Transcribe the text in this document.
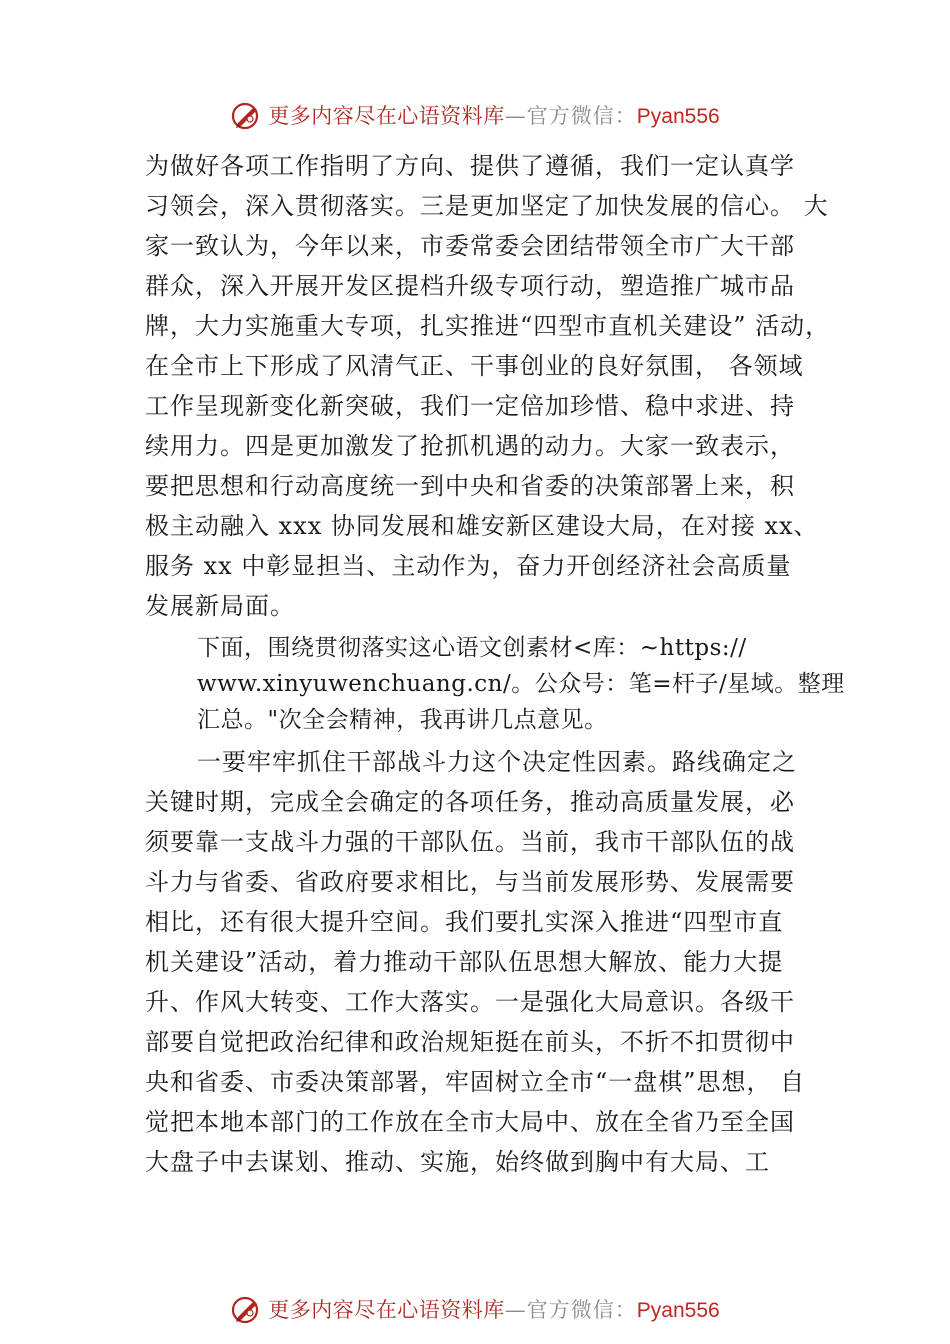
更多内容尽在心语资料库—官方微信：Pyan556
为做好各项工作指明了方向、提供了遵循，我们一定认真学
习领会，深入贯彻落实。三是更加坚定了加快发展的信心。 大
家一致认为，今年以来，市委常委会团结带领全市广大干部
群众，深入开展开发区提档升级专项行动，塑造推广城市品
牌，大力实施重大专项，扎实推进“四型市直机关建设” 活动，
在全市上下形成了风清气正、干事创业的良好氛围， 各领域
工作呈现新变化新突破，我们一定倍加珍惜、稳中求进、持
续用力。四是更加激发了抢抓机遇的动力。大家一致表示，
要把思想和行动高度统一到中央和省委的决策部署上来，积
极主动融入 xxx 协同发展和雄安新区建设大局，在对接 xx、
服务 xx 中彰显担当、主动作为，奋力开创经济社会高质量
发展新局面。
下面，围绕贯彻落实这心语文创素材<库：~https://
www.xinyuwenchuang.cn/。公众号：笔=杆子/星域。整理
汇总。"次全会精神，我再讲几点意见。
一要牢牢抓住干部战斗力这个决定性因素。路线确定之
关键时期，完成全会确定的各项任务，推动高质量发展，必
须要靠一支战斗力强的干部队伍。当前，我市干部队伍的战
斗力与省委、省政府要求相比，与当前发展形势、发展需要
相比，还有很大提升空间。我们要扎实深入推进“四型市直
机关建设”活动，着力推动干部队伍思想大解放、能力大提
升、作风大转变、工作大落实。一是强化大局意识。各级干
部要自觉把政治纪律和政治规矩挺在前头，不折不扣贯彻中
央和省委、市委决策部署，牢固树立全市“一盘棋”思想， 自
觉把本地本部门的工作放在全市大局中、放在全省乃至全国
大盘子中去谋划、推动、实施，始终做到胸中有大局、工
更多内容尽在心语资料库—官方微信：Pyan556
